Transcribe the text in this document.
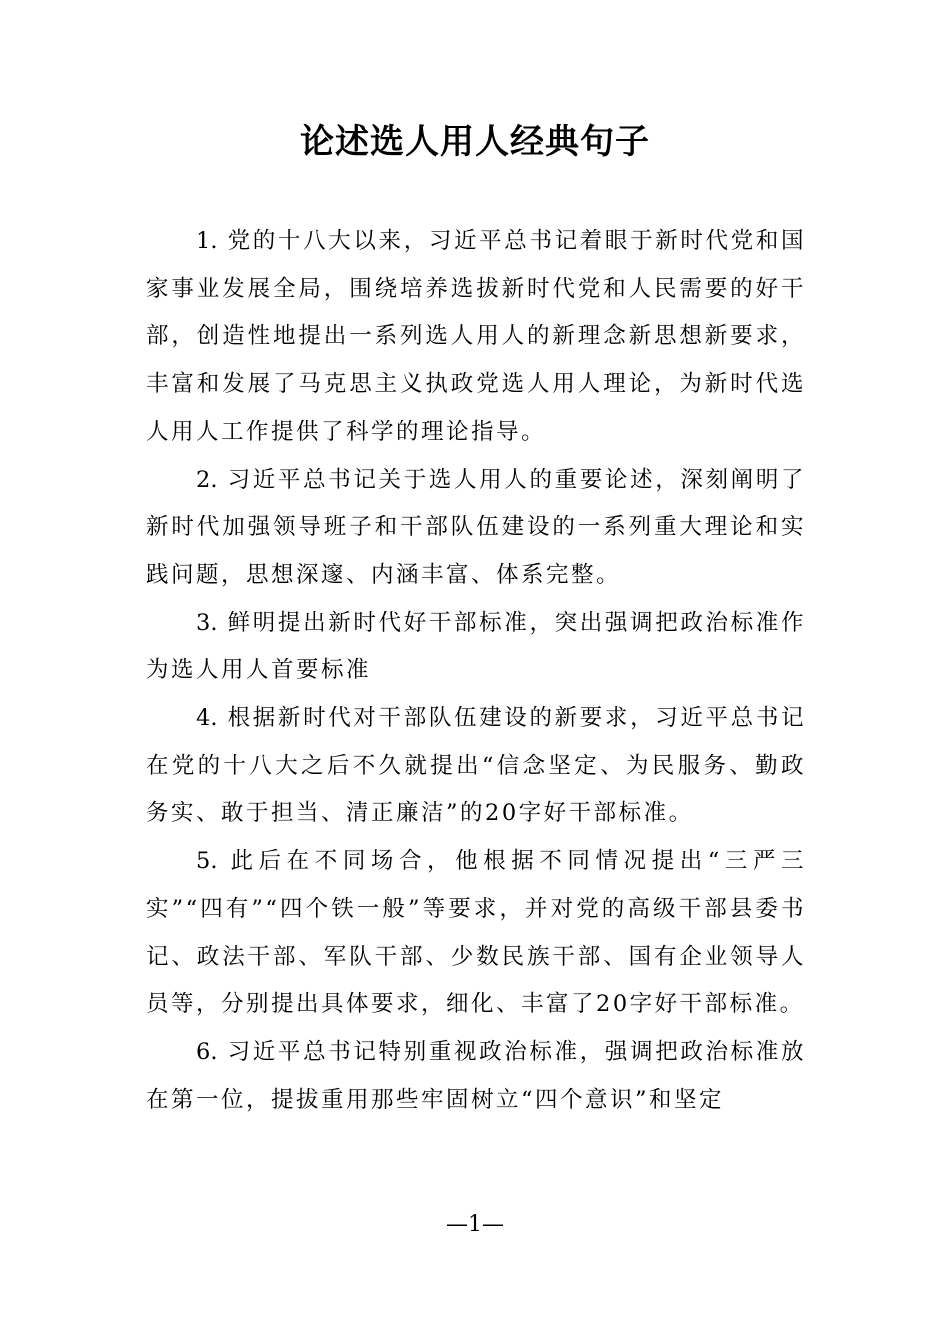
论述选人用人经典句子

1. 党的十八大以来，习近平总书记着眼于新时代党和国家事业发展全局，围绕培养选拔新时代党和人民需要的好干部，创造性地提出一系列选人用人的新理念新思想新要求，丰富和发展了马克思主义执政党选人用人理论，为新时代选人用人工作提供了科学的理论指导。

2. 习近平总书记关于选人用人的重要论述，深刻阐明了新时代加强领导班子和干部队伍建设的一系列重大理论和实践问题，思想深邃、内涵丰富、体系完整。

3. 鲜明提出新时代好干部标准，突出强调把政治标准作为选人用人首要标准

4. 根据新时代对干部队伍建设的新要求，习近平总书记在党的十八大之后不久就提出“信念坚定、为民服务、勤政务实、敢于担当、清正廉洁”的20字好干部标准。

5. 此后在不同场合，他根据不同情况提出“三严三实”“四有”“四个铁一般”等要求，并对党的高级干部县委书记、政法干部、军队干部、少数民族干部、国有企业领导人员等，分别提出具体要求，细化、丰富了20字好干部标准。

6. 习近平总书记特别重视政治标准，强调把政治标准放在第一位，提拔重用那些牢固树立“四个意识”和坚定

—1—
